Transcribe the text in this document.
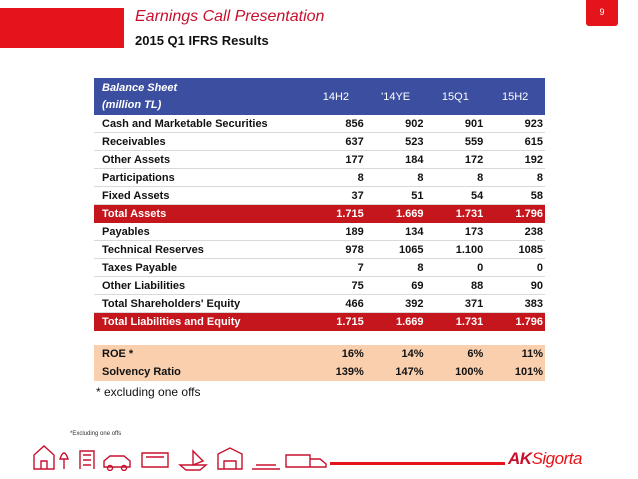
Earnings Call Presentation
2015 Q1 IFRS Results
9
Balance Sheet
(million TL)
14H2	'14YE	15Q1	15H2
Cash and Marketable Securities	856	902	901	923
Receivables	637	523	559	615
Other Assets	177	184	172	192
Participations	8	8	8	8
Fixed Assets	37	51	54	58
Total Assets	1.715	1.669	1.731	1.796
Payables	189	134	173	238
Technical Reserves	978	1065	1.100	1085
Taxes Payable	7	8	0	0
Other Liabilities	75	69	88	90
Total Shareholders' Equity	466	392	371	383
Total Liabilities and Equity	1.715	1.669	1.731	1.796
ROE *	16%	14%	6%	11%
Solvency Ratio	139%	147%	100%	101%
* excluding one offs
*Excluding one offs
AKSigorta
